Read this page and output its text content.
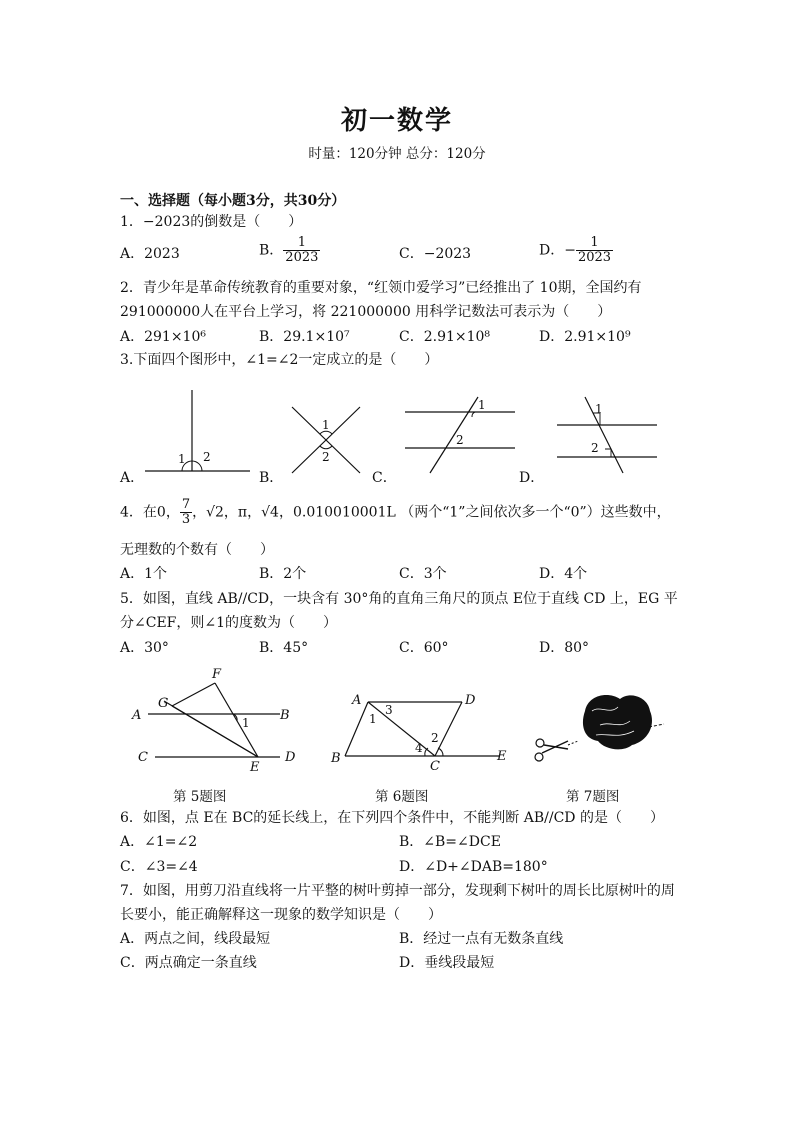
初一数学
时量：120分钟 总分：120分
一、选择题（每小题3分，共30分）
1．−2023的倒数是（　　）
A．2023	B． $\frac{1}{2023}$	C．−2023	D．− $\frac{1}{2023}$
2．青少年是革命传统教育的重要对象，“红领巾爱学习”已经推出了 10期，全国约有
291000000人在平台上学习，将 221000000 用科学记数法可表示为（　　）
A．291×10⁶	B．29.1×10⁷	C．2.91×10⁸	D．2.91×10⁹
3.下面四个图形中，∠1=∠2一定成立的是（　　）
1 2
A．
1
2
B．
1
2
C．
1
2
D．
4．在0， $\frac{7}{3}$ ，√2，π，√4，0.010010001L （两个“1”之间依次多一个“0”）这些数中，
无理数的个数有（　　）
A．1个	B．2个	C．3个	D．4个
5．如图，直线 AB//CD，一块含有 30°角的直角三角尺的顶点 E位于直线 CD 上，EG 平
分∠CEF，则∠1的度数为（　　）
A．30°	B．45°	C．60°	D．80°
A	B
C	D
G
F
E
1
第 5题图
A	D
B
C
E
1
3
2
4
第 6题图	第 7题图
6．如图，点 E在 BC的延长线上，在下列四个条件中，不能判断 AB//CD 的是（　　）
A．∠1=∠2	B．∠B=∠DCE
C．∠3=∠4	D．∠D+∠DAB=180°
7．如图，用剪刀沿直线将一片平整的树叶剪掉一部分，发现剩下树叶的周长比原树叶的周
长要小，能正确解释这一现象的数学知识是（　　）
A．两点之间，线段最短	B．经过一点有无数条直线
C．两点确定一条直线	D．垂线段最短
